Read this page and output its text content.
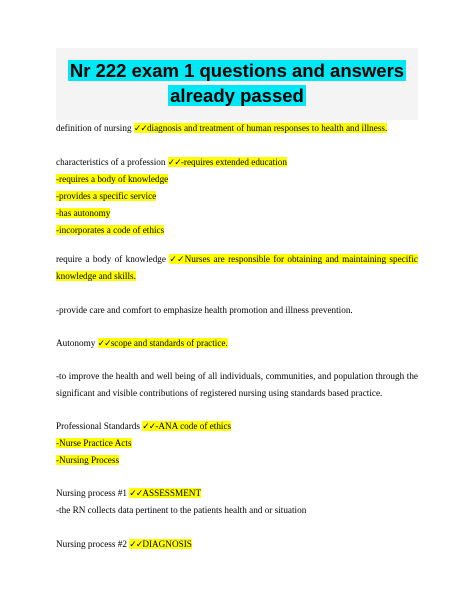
Nr 222 exam 1 questions and answers
already passed
definition of nursing ✓✓diagnosis and treatment of human responses to health and illness.
characteristics of a profession ✓✓-requires extended education
-requires a body of knowledge
-provides a specific service
-has autonomy
-incorporates a code of ethics
require a body of knowledge ✓✓Nurses are responsible for obtaining and maintaining specific
knowledge and skills.
-provide care and comfort to emphasize health promotion and illness prevention.
Autonomy ✓✓scope and standards of practice.
-to improve the health and well being of all individuals, communities, and population through the
significant and visible contributions of registered nursing using standards based practice.
Professional Standards ✓✓-ANA code of ethics
-Nurse Practice Acts
-Nursing Process
Nursing process #1 ✓✓ASSESSMENT
-the RN collects data pertinent to the patients health and or situation
Nursing process #2 ✓✓DIAGNOSIS
